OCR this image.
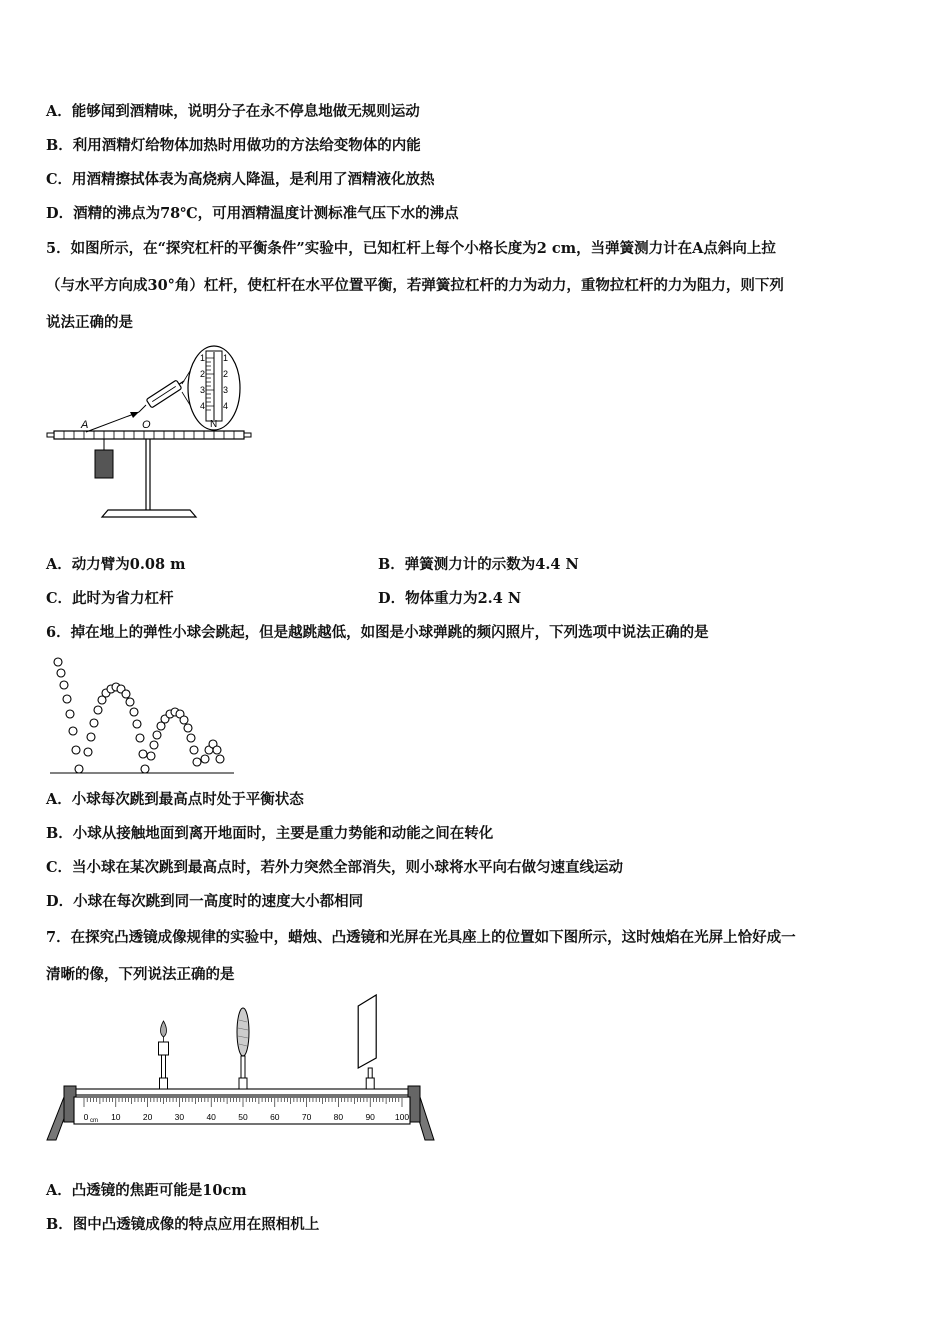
A．能够闻到酒精味，说明分子在永不停息地做无规则运动
B．利用酒精灯给物体加热时用做功的方法给变物体的内能
C．用酒精擦拭体表为高烧病人降温，是利用了酒精液化放热
D．酒精的沸点为78℃，可用酒精温度计测标准气压下水的沸点
5．如图所示，在“探究杠杆的平衡条件”实验中，已知杠杆上每个小格长度为2 cm，当弹簧测力计在A点斜向上拉
（与水平方向成30°角）杠杆，使杠杆在水平位置平衡，若弹簧拉杠杆的力为动力，重物拉杠杆的力为阻力，则下列
说法正确的是
1
2
3
4
1
2
3
4
N
A	O
A．动力臂为0.08 m	B．弹簧测力计的示数为4.4 N
C．此时为省力杠杆	D．物体重力为2.4 N
6．掉在地上的弹性小球会跳起，但是越跳越低，如图是小球弹跳的频闪照片，下列选项中说法正确的是
A．小球每次跳到最高点时处于平衡状态
B．小球从接触地面到离开地面时，主要是重力势能和动能之间在转化
C．当小球在某次跳到最高点时，若外力突然全部消失，则小球将水平向右做匀速直线运动
D．小球在每次跳到同一高度时的速度大小都相同
7．在探究凸透镜成像规律的实验中，蜡烛、凸透镜和光屏在光具座上的位置如下图所示，这时烛焰在光屏上恰好成一
清晰的像，下列说法正确的是
0	10	20	30	40	50	60	70	80	90 100
cm
A．凸透镜的焦距可能是10cm
B．图中凸透镜成像的特点应用在照相机上
